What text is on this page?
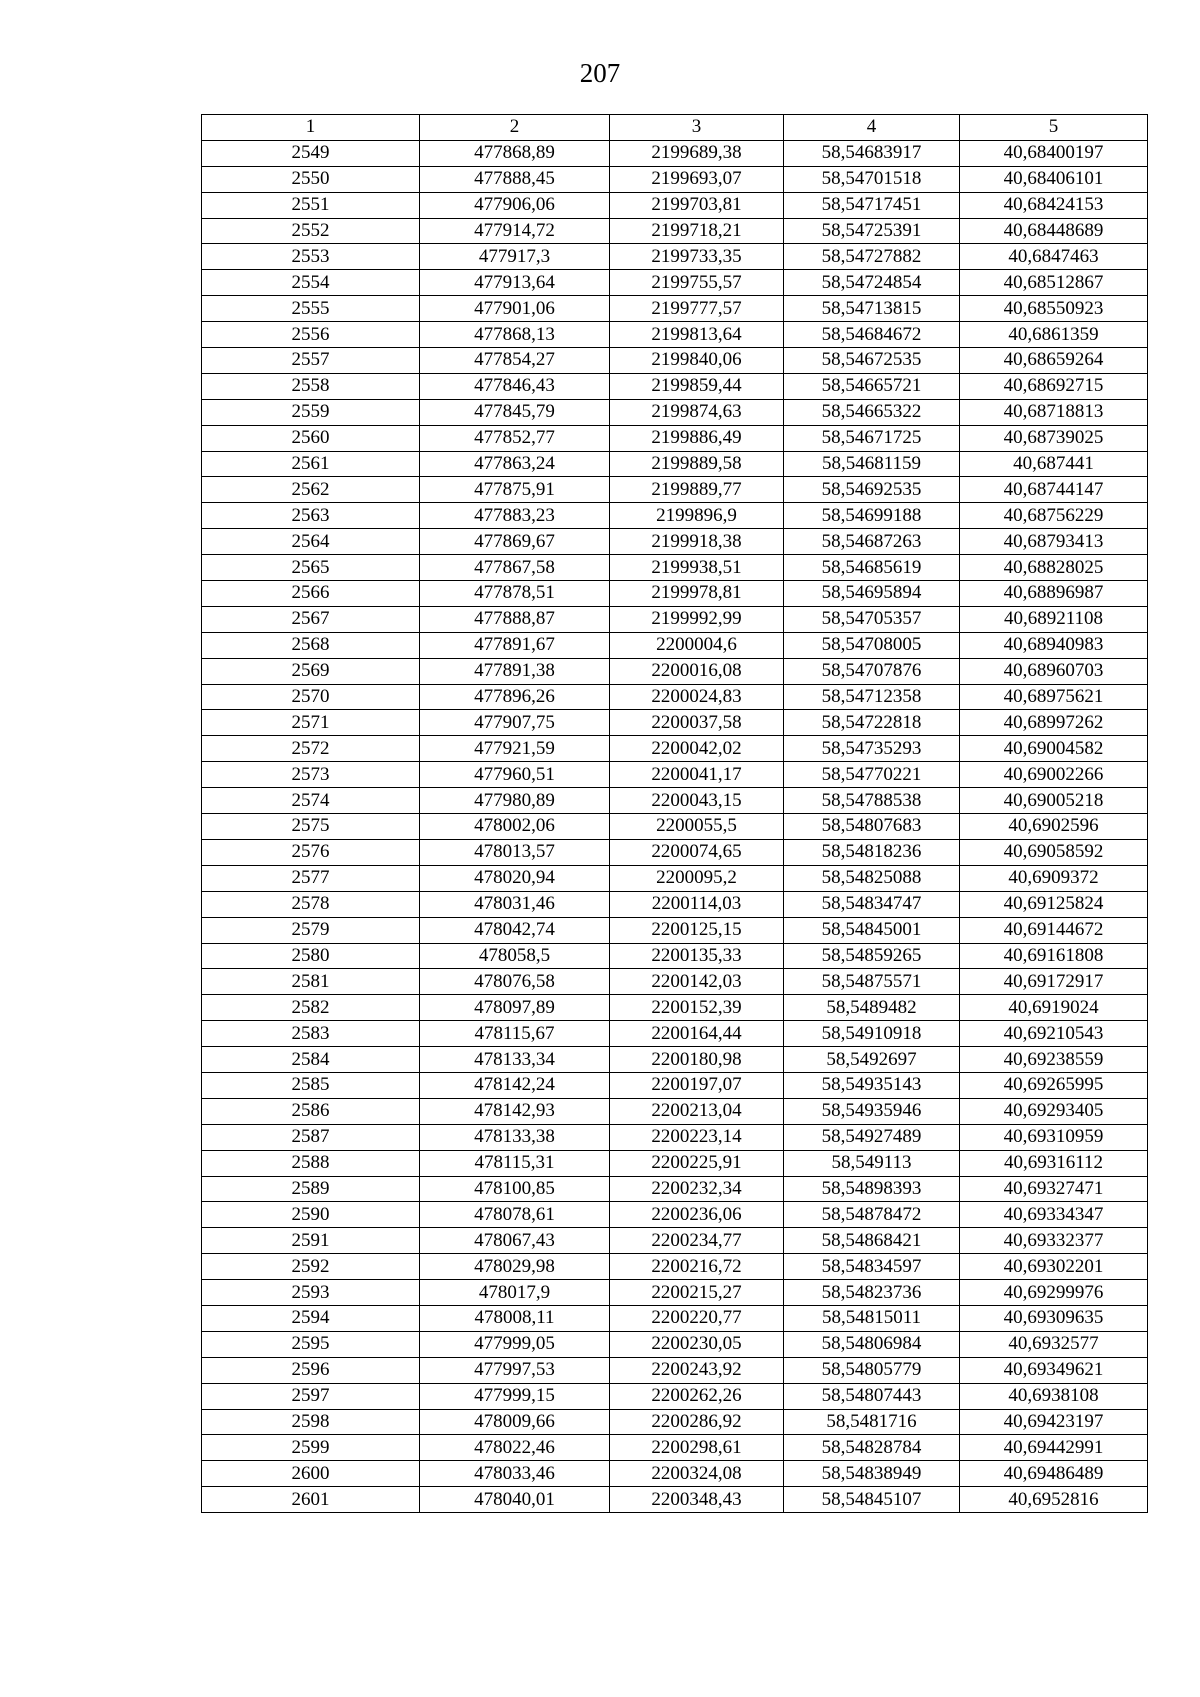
207
1	2	3	4	5
2549	477868,89	2199689,38	58,54683917	40,68400197
2550	477888,45	2199693,07	58,54701518	40,68406101
2551	477906,06	2199703,81	58,54717451	40,68424153
2552	477914,72	2199718,21	58,54725391	40,68448689
2553	477917,3	2199733,35	58,54727882	40,6847463
2554	477913,64	2199755,57	58,54724854	40,68512867
2555	477901,06	2199777,57	58,54713815	40,68550923
2556	477868,13	2199813,64	58,54684672	40,6861359
2557	477854,27	2199840,06	58,54672535	40,68659264
2558	477846,43	2199859,44	58,54665721	40,68692715
2559	477845,79	2199874,63	58,54665322	40,68718813
2560	477852,77	2199886,49	58,54671725	40,68739025
2561	477863,24	2199889,58	58,54681159	40,687441
2562	477875,91	2199889,77	58,54692535	40,68744147
2563	477883,23	2199896,9	58,54699188	40,68756229
2564	477869,67	2199918,38	58,54687263	40,68793413
2565	477867,58	2199938,51	58,54685619	40,68828025
2566	477878,51	2199978,81	58,54695894	40,68896987
2567	477888,87	2199992,99	58,54705357	40,68921108
2568	477891,67	2200004,6	58,54708005	40,68940983
2569	477891,38	2200016,08	58,54707876	40,68960703
2570	477896,26	2200024,83	58,54712358	40,68975621
2571	477907,75	2200037,58	58,54722818	40,68997262
2572	477921,59	2200042,02	58,54735293	40,69004582
2573	477960,51	2200041,17	58,54770221	40,69002266
2574	477980,89	2200043,15	58,54788538	40,69005218
2575	478002,06	2200055,5	58,54807683	40,6902596
2576	478013,57	2200074,65	58,54818236	40,69058592
2577	478020,94	2200095,2	58,54825088	40,6909372
2578	478031,46	2200114,03	58,54834747	40,69125824
2579	478042,74	2200125,15	58,54845001	40,69144672
2580	478058,5	2200135,33	58,54859265	40,69161808
2581	478076,58	2200142,03	58,54875571	40,69172917
2582	478097,89	2200152,39	58,5489482	40,6919024
2583	478115,67	2200164,44	58,54910918	40,69210543
2584	478133,34	2200180,98	58,5492697	40,69238559
2585	478142,24	2200197,07	58,54935143	40,69265995
2586	478142,93	2200213,04	58,54935946	40,69293405
2587	478133,38	2200223,14	58,54927489	40,69310959
2588	478115,31	2200225,91	58,549113	40,69316112
2589	478100,85	2200232,34	58,54898393	40,69327471
2590	478078,61	2200236,06	58,54878472	40,69334347
2591	478067,43	2200234,77	58,54868421	40,69332377
2592	478029,98	2200216,72	58,54834597	40,69302201
2593	478017,9	2200215,27	58,54823736	40,69299976
2594	478008,11	2200220,77	58,54815011	40,69309635
2595	477999,05	2200230,05	58,54806984	40,6932577
2596	477997,53	2200243,92	58,54805779	40,69349621
2597	477999,15	2200262,26	58,54807443	40,6938108
2598	478009,66	2200286,92	58,5481716	40,69423197
2599	478022,46	2200298,61	58,54828784	40,69442991
2600	478033,46	2200324,08	58,54838949	40,69486489
2601	478040,01	2200348,43	58,54845107	40,6952816
